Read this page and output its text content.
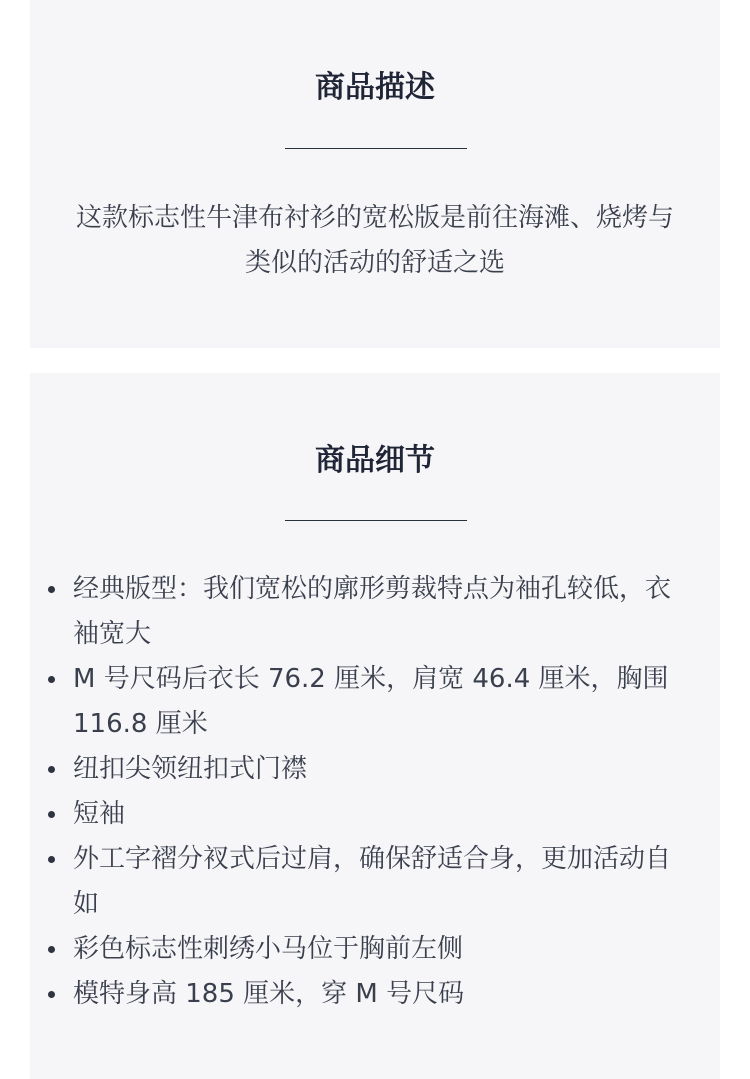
商品描述

这款标志性牛津布衬衫的宽松版是前往海滩、烧烤与类似的活动的舒适之选

商品细节
经典版型：我们宽松的廓形剪裁特点为袖孔较低，衣袖宽大
M 号尺码后衣长 76.2 厘米，肩宽 46.4 厘米，胸围 116.8 厘米
纽扣尖领纽扣式门襟
短袖
外工字褶分衩式后过肩，确保舒适合身，更加活动自如
彩色标志性刺绣小马位于胸前左侧
模特身高 185 厘米，穿 M 号尺码
